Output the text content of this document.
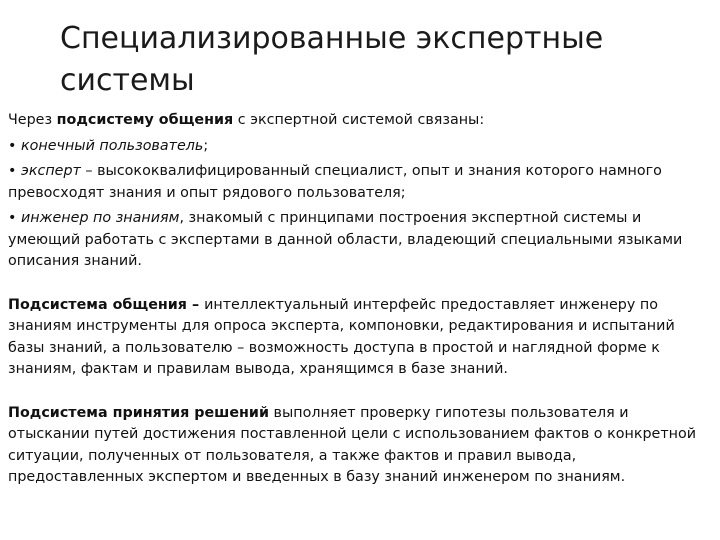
Специализированные экспертные системы

Через подсистему общения с экспертной системой связаны:

• конечный пользователь;

• эксперт – высококвалифицированный специалист, опыт и знания которого намного превосходят знания и опыт рядового пользователя;

• инженер по знаниям, знакомый с принципами построения экспертной системы и умеющий работать с экспертами в данной области, владеющий специальными языками описания знаний.

Подсистема общения – интеллектуальный интерфейс предоставляет инженеру по знаниям инструменты для опроса эксперта, компоновки, редактирования и испытаний базы знаний, а пользователю – возможность доступа в простой и наглядной форме к знаниям, фактам и правилам вывода, хранящимся в базе знаний.

Подсистема принятия решений выполняет проверку гипотезы пользователя и отыскании путей достижения поставленной цели с использованием фактов о конкретной ситуации, полученных от пользователя, а также фактов и правил вывода, предоставленных экспертом и введенных в базу знаний инженером по знаниям.
